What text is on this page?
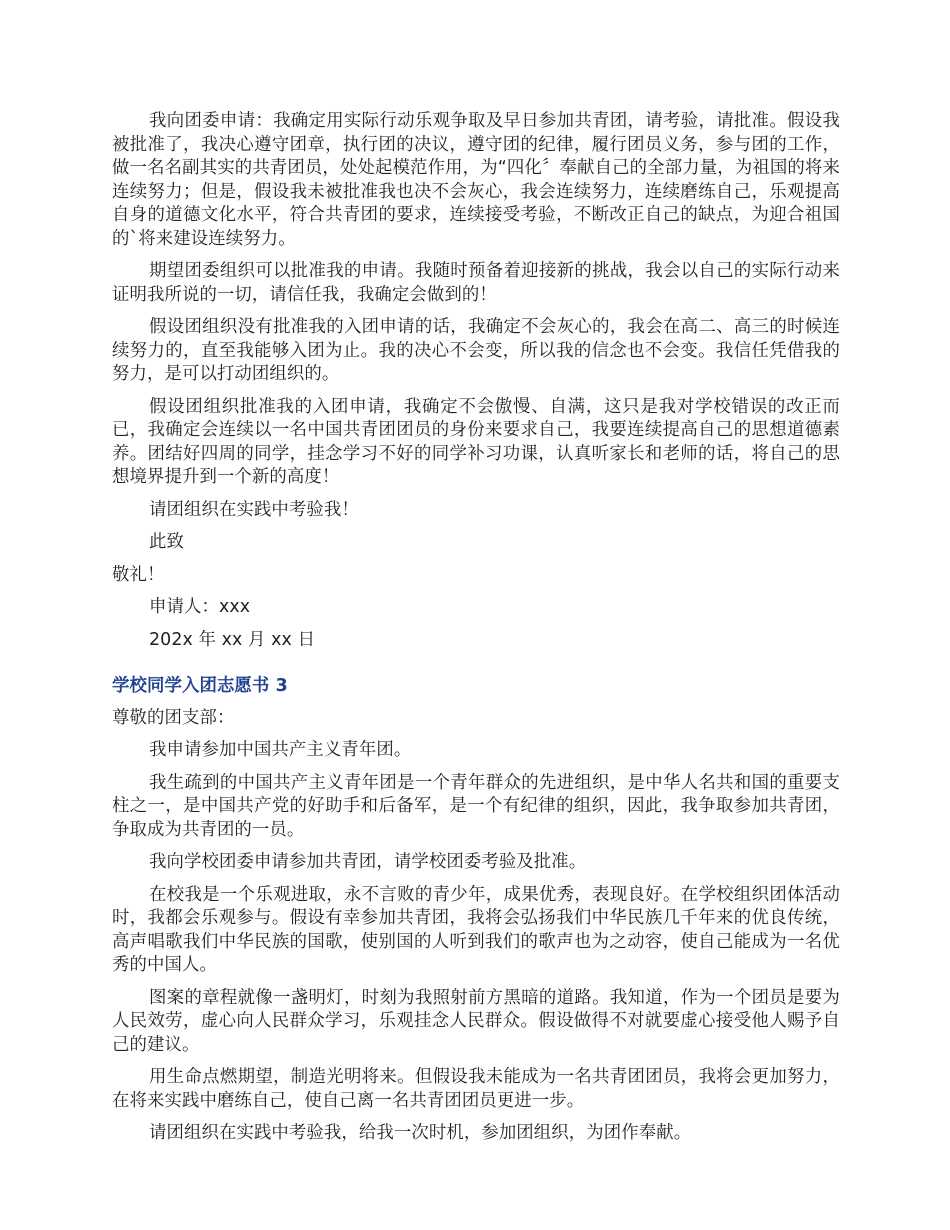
我向团委申请：我确定用实际行动乐观争取及早日参加共青团，请考验，请批准。假设我被批准了，我决心遵守团章，执行团的决议，遵守团的纪律，履行团员义务，参与团的工作，做一名名副其实的共青团员，处处起模范作用，为“四化〞奉献自己的全部力量，为祖国的将来连续努力；但是，假设我未被批准我也决不会灰心，我会连续努力，连续磨练自己，乐观提高自身的道德文化水平，符合共青团的要求，连续接受考验，不断改正自己的缺点，为迎合祖国的`将来建设连续努力。

期望团委组织可以批准我的申请。我随时预备着迎接新的挑战，我会以自己的实际行动来证明我所说的一切，请信任我，我确定会做到的！

假设团组织没有批准我的入团申请的话，我确定不会灰心的，我会在高二、高三的时候连续努力的，直至我能够入团为止。我的决心不会变，所以我的信念也不会变。我信任凭借我的努力，是可以打动团组织的。

假设团组织批准我的入团申请，我确定不会傲慢、自满，这只是我对学校错误的改正而已，我确定会连续以一名中国共青团团员的身份来要求自己，我要连续提高自己的思想道德素养。团结好四周的同学，挂念学习不好的同学补习功课，认真听家长和老师的话，将自己的思想境界提升到一个新的高度！

请团组织在实践中考验我！

此致

敬礼！

申请人：xxx

202x 年 xx 月 xx 日

学校同学入团志愿书 3

尊敬的团支部：

我申请参加中国共产主义青年团。

我生疏到的中国共产主义青年团是一个青年群众的先进组织，是中华人名共和国的重要支柱之一，是中国共产党的好助手和后备军，是一个有纪律的组织，因此，我争取参加共青团，争取成为共青团的一员。

我向学校团委申请参加共青团，请学校团委考验及批准。

在校我是一个乐观进取，永不言败的青少年，成果优秀，表现良好。在学校组织团体活动时，我都会乐观参与。假设有幸参加共青团，我将会弘扬我们中华民族几千年来的优良传统，高声唱歌我们中华民族的国歌，使别国的人听到我们的歌声也为之动容，使自己能成为一名优秀的中国人。

图案的章程就像一盏明灯，时刻为我照射前方黑暗的道路。我知道，作为一个团员是要为人民效劳，虚心向人民群众学习，乐观挂念人民群众。假设做得不对就要虚心接受他人赐予自己的建议。

用生命点燃期望，制造光明将来。但假设我未能成为一名共青团团员，我将会更加努力，在将来实践中磨练自己，使自己离一名共青团团员更进一步。

请团组织在实践中考验我，给我一次时机，参加团组织，为团作奉献。
